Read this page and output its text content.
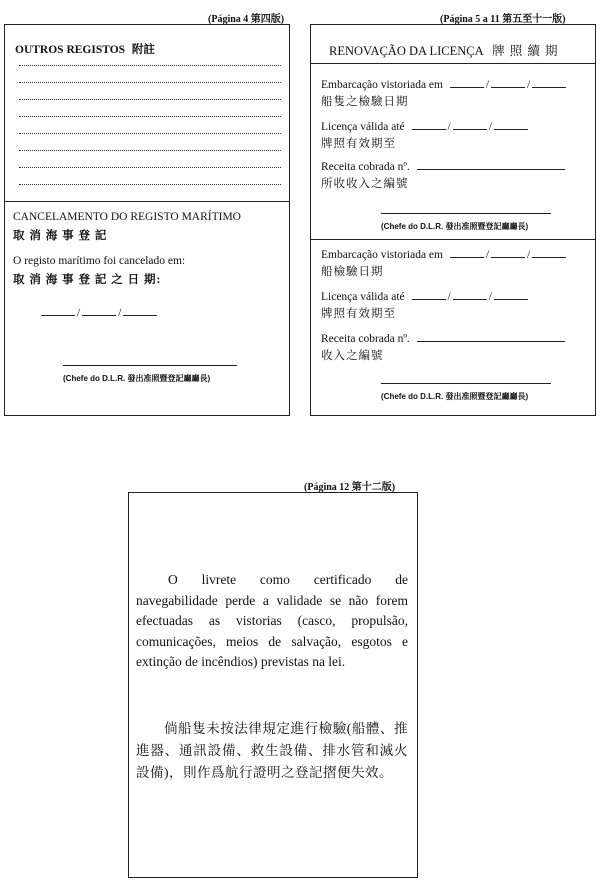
(Página 4 第四版)
OUTROS REGISTOS 附註
CANCELAMENTO DO REGISTO MARÍTIMO
取 消 海 事 登 記
O registo marítimo foi cancelado em:
取 消 海 事 登 記 之 日 期:
/	/
(Chefe do D.L.R. 發出准照暨登記廳廳長)
(Página 5 a 11 第五至十一版)
RENOVAÇÃO DA LICENÇA 牌 照 續 期
Embarcação vistoriada em	/	/
船隻之檢驗日期
Licença válida até	/	/
牌照有效期至
Receita cobrada nº.
所收收入之編號
(Chefe do D.L.R. 發出准照暨登記廳廳長)
Embarcação vistoriada em	/	/
船檢驗日期
Licença válida até	/	/
牌照有效期至
Receita cobrada nº.
收入之編號
(Chefe do D.L.R. 發出准照暨登記廳廳長)
(Página 12 第十二版)
O livrete como certificado de navegabilidade perde a validade se não forem efectuadas as vistorias (casco, propulsão, comunicações, meios de salvação, esgotos e extinção de incêndios) previstas na lei.
倘船隻未按法律規定進行檢驗(船體、推進器、通訊設備、救生設備、排水管和滅火設備)，則作爲航行證明之登記摺便失效。
